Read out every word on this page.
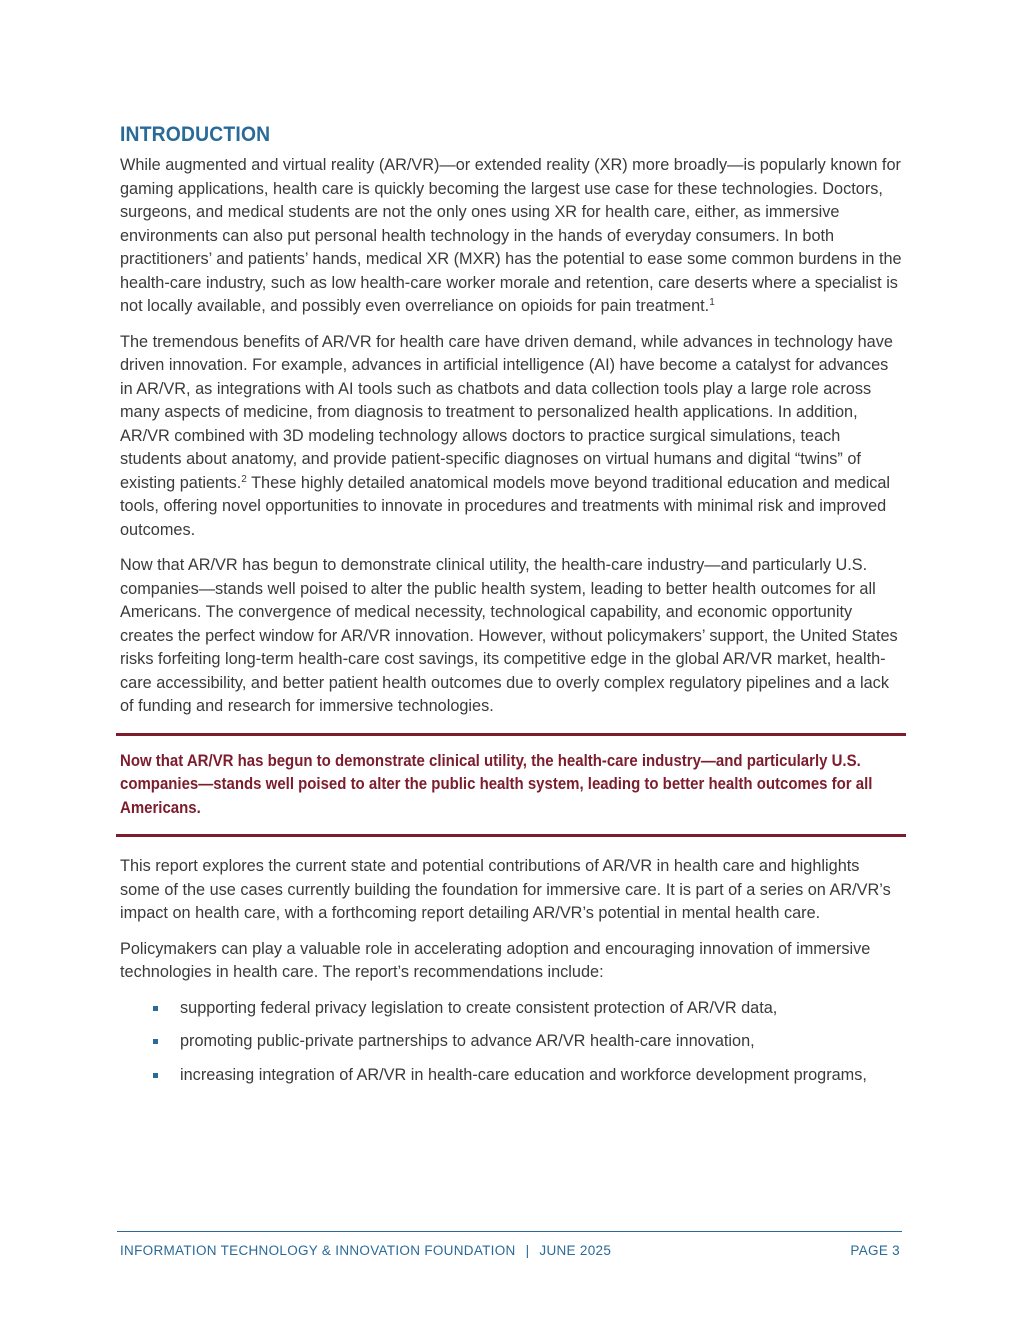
INTRODUCTION

While augmented and virtual reality (AR/VR)—or extended reality (XR) more broadly—is popularly known for gaming applications, health care is quickly becoming the largest use case for these technologies. Doctors, surgeons, and medical students are not the only ones using XR for health care, either, as immersive environments can also put personal health technology in the hands of everyday consumers. In both practitioners’ and patients’ hands, medical XR (MXR) has the potential to ease some common burdens in the health-care industry, such as low health-care worker morale and retention, care deserts where a specialist is not locally available, and possibly even overreliance on opioids for pain treatment.$^1$

The tremendous benefits of AR/VR for health care have driven demand, while advances in technology have driven innovation. For example, advances in artificial intelligence (AI) have become a catalyst for advances in AR/VR, as integrations with AI tools such as chatbots and data collection tools play a large role across many aspects of medicine, from diagnosis to treatment to personalized health applications. In addition, AR/VR combined with 3D modeling technology allows doctors to practice surgical simulations, teach students about anatomy, and provide patient-specific diagnoses on virtual humans and digital “twins” of existing patients.$^2$ These highly detailed anatomical models move beyond traditional education and medical tools, offering novel opportunities to innovate in procedures and treatments with minimal risk and improved outcomes.

Now that AR/VR has begun to demonstrate clinical utility, the health-care industry—and particularly U.S. companies—stands well poised to alter the public health system, leading to better health outcomes for all Americans. The convergence of medical necessity, technological capability, and economic opportunity creates the perfect window for AR/VR innovation. However, without policymakers’ support, the United States risks forfeiting long-term health-care cost savings, its competitive edge in the global AR/VR market, health-care accessibility, and better patient health outcomes due to overly complex regulatory pipelines and a lack of funding and research for immersive technologies.

Now that AR/VR has begun to demonstrate clinical utility, the health-care industry—and particularly U.S. companies—stands well poised to alter the public health system, leading to better health outcomes for all Americans.

This report explores the current state and potential contributions of AR/VR in health care and highlights some of the use cases currently building the foundation for immersive care. It is part of a series on AR/VR’s impact on health care, with a forthcoming report detailing AR/VR’s potential in mental health care.

Policymakers can play a valuable role in accelerating adoption and encouraging innovation of immersive technologies in health care. The report’s recommendations include:

supporting federal privacy legislation to create consistent protection of AR/VR data,
promoting public-private partnerships to advance AR/VR health-care innovation,
increasing integration of AR/VR in health-care education and workforce development programs,
INFORMATION TECHNOLOGY & INNOVATION FOUNDATION | JUNE 2025	PAGE 3
